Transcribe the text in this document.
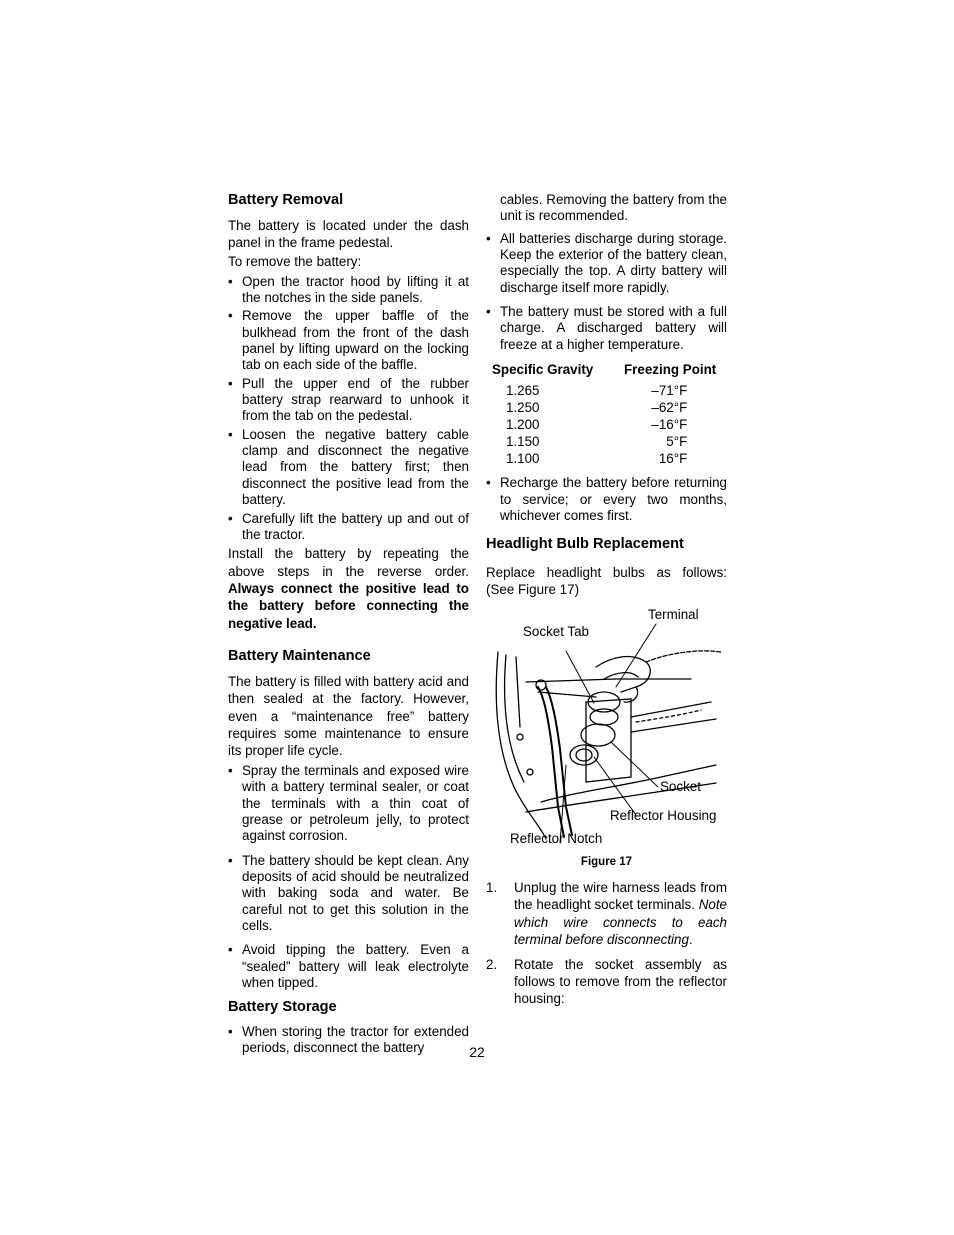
Battery Removal

The battery is located under the dash panel in the frame pedestal.

To remove the battery:

• Open the tractor hood by lifting it at the notches in the side panels.
• Remove the upper baffle of the bulkhead from the front of the dash panel by lifting upward on the locking tab on each side of the baffle.
• Pull the upper end of the rubber battery strap rearward to unhook it from the tab on the pedestal.
• Loosen the negative battery cable clamp and disconnect the negative lead from the battery first; then disconnect the positive lead from the battery.
• Carefully lift the battery up and out of the tractor.

Install the battery by repeating the above steps in the reverse order. Always connect the positive lead to the battery before connecting the negative lead.

Battery Maintenance

The battery is filled with battery acid and then sealed at the factory. However, even a “maintenance free” battery requires some maintenance to ensure its proper life cycle.

• Spray the terminals and exposed wire with a battery terminal sealer, or coat the terminals with a thin coat of grease or petroleum jelly, to protect against corrosion.
• The battery should be kept clean. Any deposits of acid should be neutralized with baking soda and water. Be careful not to get this solution in the cells.
• Avoid tipping the battery. Even a “sealed” battery will leak electrolyte when tipped.
Battery Storage
• When storing the tractor for extended periods, disconnect the battery

cables. Removing the battery from the unit is recommended.

• All batteries discharge during storage. Keep the exterior of the battery clean, especially the top. A dirty battery will discharge itself more rapidly.
• The battery must be stored with a full charge. A discharged battery will freeze at a higher temperature.
Specific Gravity	Freezing Point
1.265	–71°F
1.250	–62°F
1.200	–16°F
1.150	5°F
1.100	16°F
• Recharge the battery before returning to service; or every two months, whichever comes first.
Headlight Bulb Replacement

Replace headlight bulbs as follows: (See Figure 17)

Terminal
Socket Tab
Socket
Reflector Housing
Reflector Notch
Figure 17
1. Unplug the wire harness leads from the headlight socket terminals. Note which wire connects to each terminal before disconnecting.
2. Rotate the socket assembly as follows to remove from the reflector housing:
22
